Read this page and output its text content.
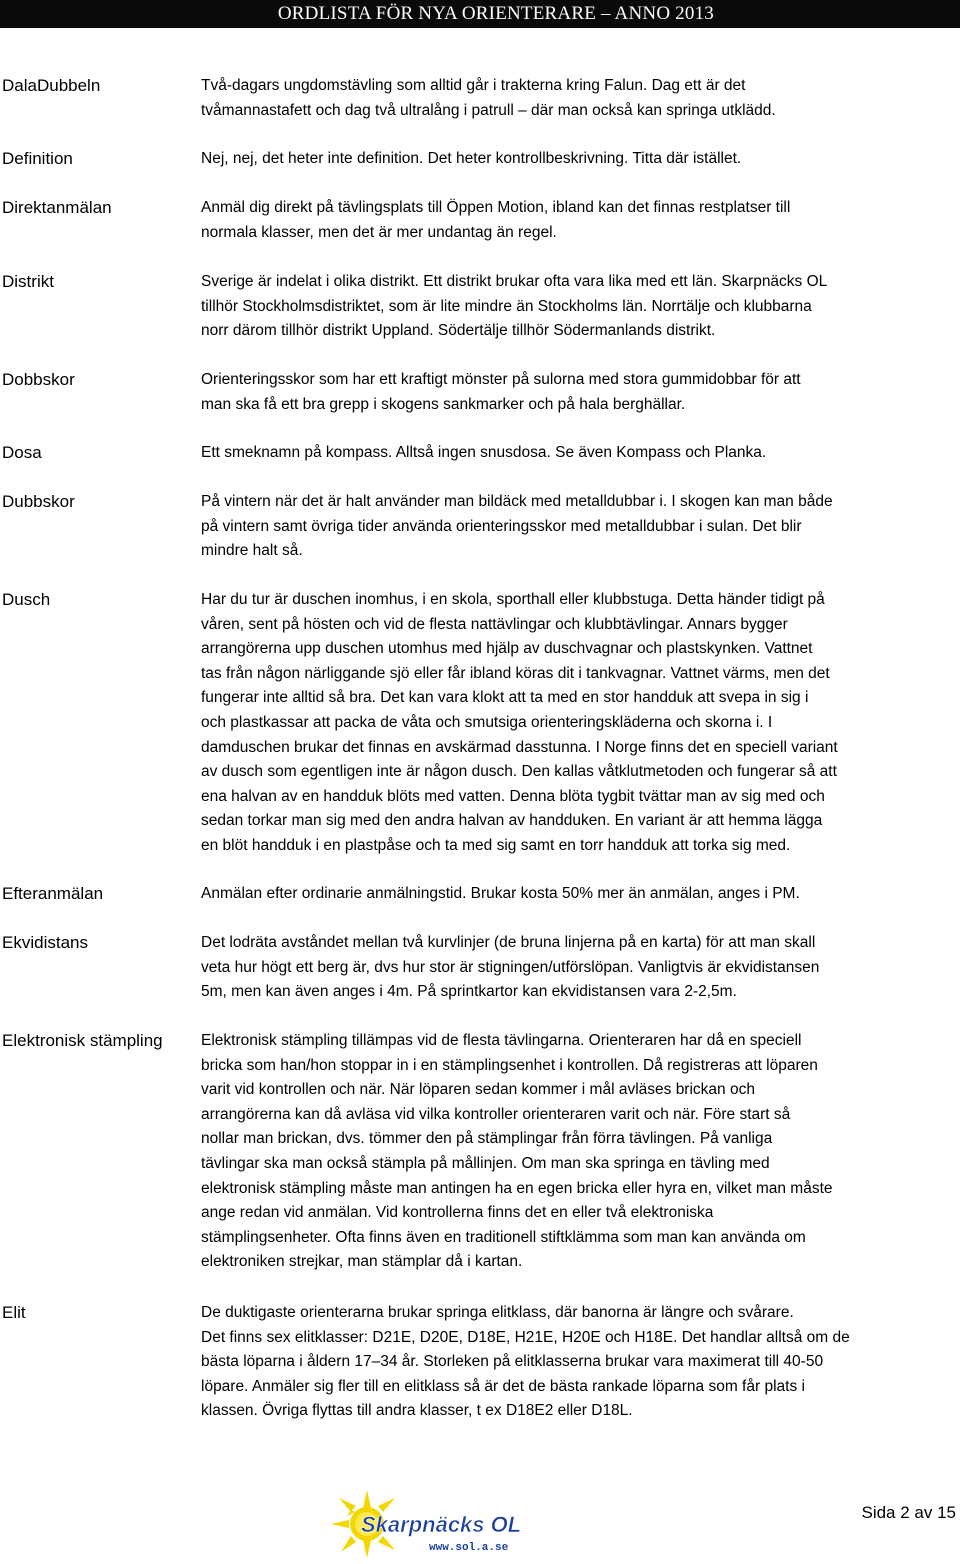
ORDLISTA FÖR NYA ORIENTERARE – ANNO 2013
DalaDubbeln	Två-dagars ungdomstävling som alltid går i trakterna kring Falun. Dag ett är det
tvåmannastafett och dag två ultralång i patrull – där man också kan springa utklädd.
Definition	Nej, nej, det heter inte definition. Det heter kontrollbeskrivning. Titta där istället.
Direktanmälan	Anmäl dig direkt på tävlingsplats till Öppen Motion, ibland kan det finnas restplatser till
normala klasser, men det är mer undantag än regel.
Distrikt	Sverige är indelat i olika distrikt. Ett distrikt brukar ofta vara lika med ett län. Skarpnäcks OL
tillhör Stockholmsdistriktet, som är lite mindre än Stockholms län. Norrtälje och klubbarna
norr därom tillhör distrikt Uppland. Södertälje tillhör Södermanlands distrikt.
Dobbskor	Orienteringsskor som har ett kraftigt mönster på sulorna med stora gummidobbar för att
man ska få ett bra grepp i skogens sankmarker och på hala berghällar.
Dosa	Ett smeknamn på kompass. Alltså ingen snusdosa. Se även Kompass och Planka.
Dubbskor	På vintern när det är halt använder man bildäck med metalldubbar i. I skogen kan man både
på vintern samt övriga tider använda orienteringsskor med metalldubbar i sulan. Det blir
mindre halt så.
Dusch	Har du tur är duschen inomhus, i en skola, sporthall eller klubbstuga. Detta händer tidigt på
våren, sent på hösten och vid de flesta nattävlingar och klubbtävlingar. Annars bygger
arrangörerna upp duschen utomhus med hjälp av duschvagnar och plastskynken. Vattnet
tas från någon närliggande sjö eller får ibland köras dit i tankvagnar. Vattnet värms, men det
fungerar inte alltid så bra. Det kan vara klokt att ta med en stor handduk att svepa in sig i
och plastkassar att packa de våta och smutsiga orienteringskläderna och skorna i. I
damduschen brukar det finnas en avskärmad dasstunna. I Norge finns det en speciell variant
av dusch som egentligen inte är någon dusch. Den kallas våtklutmetoden och fungerar så att
ena halvan av en handduk blöts med vatten. Denna blöta tygbit tvättar man av sig med och
sedan torkar man sig med den andra halvan av handduken. En variant är att hemma lägga
en blöt handduk i en plastpåse och ta med sig samt en torr handduk att torka sig med.
Efteranmälan	Anmälan efter ordinarie anmälningstid. Brukar kosta 50% mer än anmälan, anges i PM.
Ekvidistans	Det lodräta avståndet mellan två kurvlinjer (de bruna linjerna på en karta) för att man skall
veta hur högt ett berg är, dvs hur stor är stigningen/utförslöpan. Vanligtvis är ekvidistansen
5m, men kan även anges i 4m. På sprintkartor kan ekvidistansen vara 2-2,5m.
Elektronisk stämpling	Elektronisk stämpling tillämpas vid de flesta tävlingarna. Orienteraren har då en speciell
bricka som han/hon stoppar in i en stämplingsenhet i kontrollen. Då registreras att löparen
varit vid kontrollen och när. När löparen sedan kommer i mål avläses brickan och
arrangörerna kan då avläsa vid vilka kontroller orienteraren varit och när. Före start så
nollar man brickan, dvs. tömmer den på stämplingar från förra tävlingen. På vanliga
tävlingar ska man också stämpla på mållinjen. Om man ska springa en tävling med
elektronisk stämpling måste man antingen ha en egen bricka eller hyra en, vilket man måste
ange redan vid anmälan. Vid kontrollerna finns det en eller två elektroniska
stämplingsenheter. Ofta finns även en traditionell stiftklämma som man kan använda om
elektroniken strejkar, man stämplar då i kartan.
Elit	De duktigaste orienterarna brukar springa elitklass, där banorna är längre och svårare.
Det finns sex elitklasser: D21E, D20E, D18E, H21E, H20E och H18E. Det handlar alltså om de
bästa löparna i åldern 17–34 år. Storleken på elitklasserna brukar vara maximerat till 40-50
löpare. Anmäler sig fler till en elitklass så är det de bästa rankade löparna som får plats i
klassen. Övriga flyttas till andra klasser, t ex D18E2 eller D18L.
Skarpnäcks OL
www.sol.a.se
Sida 2 av 15
